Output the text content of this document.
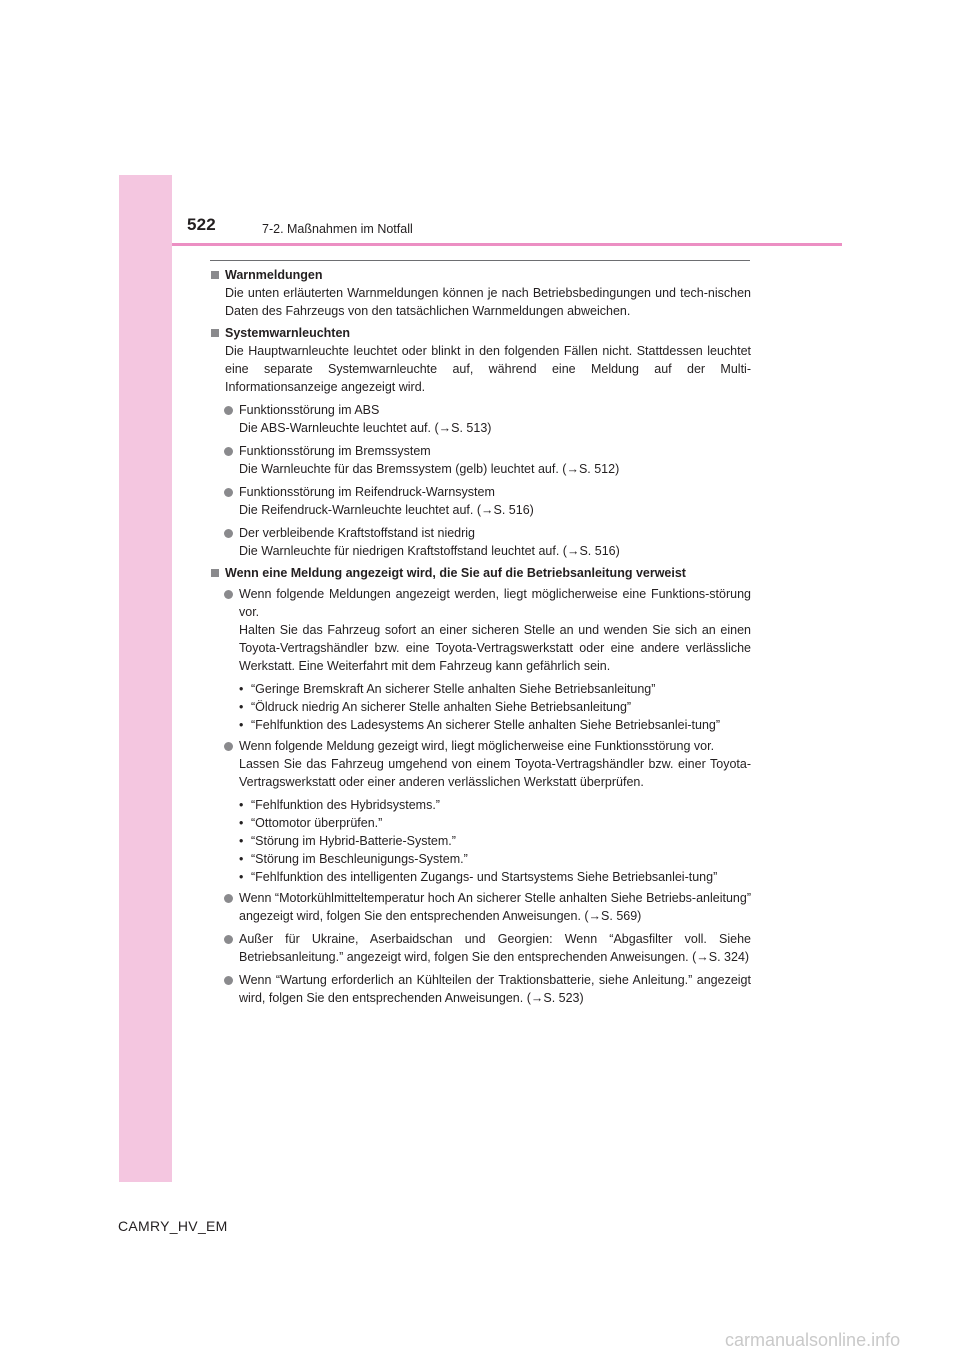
522	7-2. Maßnahmen im Notfall
Warnmeldungen
Die unten erläuterten Warnmeldungen können je nach Betriebsbedingungen und tech-nischen Daten des Fahrzeugs von den tatsächlichen Warnmeldungen abweichen.
Systemwarnleuchten
Die Hauptwarnleuchte leuchtet oder blinkt in den folgenden Fällen nicht. Stattdessen leuchtet eine separate Systemwarnleuchte auf, während eine Meldung auf der Multi-Informationsanzeige angezeigt wird.
Funktionsstörung im ABS
Die ABS-Warnleuchte leuchtet auf. (→S. 513)
Funktionsstörung im Bremssystem
Die Warnleuchte für das Bremssystem (gelb) leuchtet auf. (→S. 512)
Funktionsstörung im Reifendruck-Warnsystem
Die Reifendruck-Warnleuchte leuchtet auf. (→S. 516)
Der verbleibende Kraftstoffstand ist niedrig
Die Warnleuchte für niedrigen Kraftstoffstand leuchtet auf. (→S. 516)
Wenn eine Meldung angezeigt wird, die Sie auf die Betriebsanleitung verweist
Wenn folgende Meldungen angezeigt werden, liegt möglicherweise eine Funktions-störung vor.
Halten Sie das Fahrzeug sofort an einer sicheren Stelle an und wenden Sie sich an einen Toyota-Vertragshändler bzw. eine Toyota-Vertragswerkstatt oder eine andere verlässliche Werkstatt. Eine Weiterfahrt mit dem Fahrzeug kann gefährlich sein.
• “Geringe Bremskraft An sicherer Stelle anhalten Siehe Betriebsanleitung”
• “Öldruck niedrig An sicherer Stelle anhalten Siehe Betriebsanleitung”
• “Fehlfunktion des Ladesystems An sicherer Stelle anhalten Siehe Betriebsanlei-tung”
Wenn folgende Meldung gezeigt wird, liegt möglicherweise eine Funktionsstörung vor.
Lassen Sie das Fahrzeug umgehend von einem Toyota-Vertragshändler bzw. einer Toyota-Vertragswerkstatt oder einer anderen verlässlichen Werkstatt überprüfen.
• “Fehlfunktion des Hybridsystems.”
• “Ottomotor überprüfen.”
• “Störung im Hybrid-Batterie-System.”
• “Störung im Beschleunigungs-System.”
• “Fehlfunktion des intelligenten Zugangs- und Startsystems Siehe Betriebsanlei-tung”
Wenn “Motorkühlmitteltemperatur hoch An sicherer Stelle anhalten Siehe Betriebs-anleitung” angezeigt wird, folgen Sie den entsprechenden Anweisungen. (→S. 569)
Außer für Ukraine, Aserbaidschan und Georgien: Wenn “Abgasfilter voll. Siehe Betriebsanleitung.” angezeigt wird, folgen Sie den entsprechenden Anweisungen. (→S. 324)
Wenn “Wartung erforderlich an Kühlteilen der Traktionsbatterie, siehe Anleitung.” angezeigt wird, folgen Sie den entsprechenden Anweisungen. (→S. 523)
CAMRY_HV_EM
carmanualsonline.info
